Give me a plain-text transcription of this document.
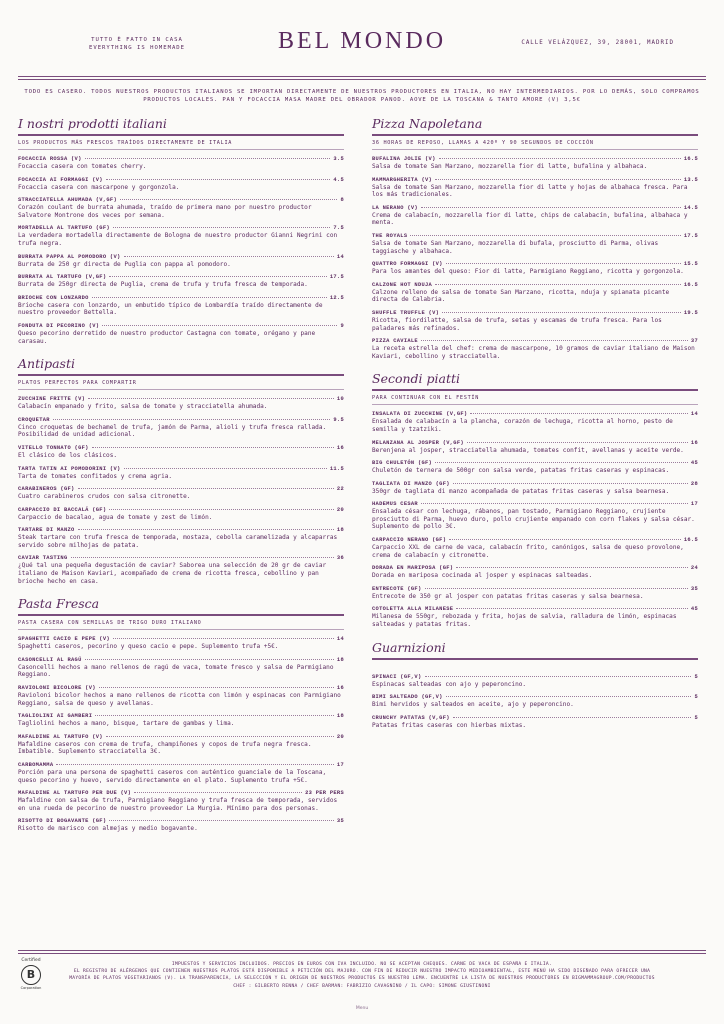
TUTTO È FATTO IN CASA
EVERYTHING IS HOMEMADE	BEL MONDO	CALLE VELÁZQUEZ, 39, 28001, MADRID
TODO ES CASERO. TODOS NUESTROS PRODUCTOS ITALIANOS SE IMPORTAN DIRECTAMENTE DE NUESTROS PRODUCTORES EN ITALIA, NO HAY INTERMEDIARIOS. POR LO DEMÁS, SOLO COMPRAMOS PRODUCTOS LOCALES. PAN Y FOCACCIA MASA MADRE DEL OBRADOR PANOD. AOVE DE LA TOSCANA & TANTO AMORE (V) 3,5€
I nostri prodotti italiani
LOS PRODUCTOS MÁS FRESCOS TRAÍDOS DIRECTAMENTE DE ITALIA
FOCACCIA ROSSA (V)	3.5
Focaccia casera con tomates cherry.
FOCACCIA AI FORMAGGI (V)	4.5
Focaccia casera con mascarpone y gorgonzola.
STRACCIATELLA AHUMADA (V,GF)	8
Corazón coulant de burrata ahumada, traído de primera mano por nuestro productor Salvatore Montrone dos veces por semana.
MORTADELLA AL TARTUFO (GF)	7.5
La verdadera mortadella directamente de Bologna de nuestro productor Gianni Negrini con trufa negra.
BURRATA PAPPA AL POMODORO (V)	14
Burrata de 250 gr directa de Puglia con pappa al pomodoro.
BURRATA AL TARTUFO (V,GF)	17.5
Burrata de 250gr directa de Puglia, crema de trufa y trufa fresca de temporada.
BRIOCHE CON LONZARDO	12.5
Brioche casera con lonzardo, un embutido típico de Lombardía traído directamente de nuestro proveedor Bettella.
FONDUTA DI PECORINO (V)	9
Queso pecorino derretido de nuestro productor Castagna con tomate, orégano y pane carasau.
Antipasti
PLATOS PERFECTOS PARA COMPARTIR
ZUCCHINE FRITTE (V)	10
Calabacín empanado y frito, salsa de tomate y stracciatella ahumada.
CROQUETAR	9.5
Cinco croquetas de bechamel de trufa, jamón de Parma, alioli y trufa fresca rallada. Posibilidad de unidad adicional.
VITELLO TONNATO (GF)	16
El clásico de los clásicos.
TARTA TATIN AI POMODORINI (V)	11.5
Tarta de tomates confitados y crema agria.
CARABINEROS (GF)	22
Cuatro carabineros crudos con salsa citronette.
CARPACCIO DI BACCALÁ (GF)	20
Carpaccio de bacalao, agua de tomate y zest de limón.
TARTARE DI MANZO	18
Steak tartare con trufa fresca de temporada, mostaza, cebolla caramelizada y alcaparras servido sobre milhojas de patata.
CAVIAR TASTING	36
¿Qué tal una pequeña degustación de caviar? Saborea una selección de 20 gr de caviar italiano de Maison Kaviari, acompañado de crema de ricotta fresca, cebollino y pan brioche hecho en casa.
Pasta Fresca
PASTA CASERA CON SEMILLAS DE TRIGO DURO ITALIANO
SPAGHETTI CACIO E PEPE (V)	14
Spaghetti caseros, pecorino y queso cacio e pepe. Suplemento trufa +5€.
CASONCELLI AL RAGÚ	18
Casoncelli hechos a mano rellenos de ragú de vaca, tomate fresco y salsa de Parmigiano Reggiano.
RAVIOLONI BICOLORE (V)	16
Ravioloni bicolor hechos a mano rellenos de ricotta con limón y espinacas con Parmigiano Reggiano, salsa de queso y avellanas.
TAGLIOLINI AI GAMBERI	18
Tagliolini hechos a mano, bisque, tartare de gambas y lima.
MAFALDINE AL TARTUFO (V)	20
Mafaldine caseros con crema de trufa, champiñones y copos de trufa negra fresca. Imbatible. Suplemento stracciatella 3€.
CARBOMAMMA	17
Porción para una persona de spaghetti caseros con auténtico guanciale de la Toscana, queso pecorino y huevo, servido directamente en el plato. Suplemento trufa +5€.
MAFALDINE AL TARTUFO PER DUE (V)	23 PER PERS
Mafaldine con salsa de trufa, Parmigiano Reggiano y trufa fresca de temporada, servidos en una rueda de pecorino de nuestro proveedor La Murgia. Mínimo para dos personas.
RISOTTO DI BOGAVANTE (GF)	35
Risotto de marisco con almejas y medio bogavante.
Pizza Napoletana
36 HORAS DE REPOSO, LLAMAS A 420º Y 90 SEGUNDOS DE COCCIÓN
BUFALINA JOLIE (V)	16.5
Salsa de tomate San Marzano, mozzarella fior di latte, bufalina y albahaca.
MAMMARGHERITA (V)	13.5
Salsa de tomate San Marzano, mozzarella fior di latte y hojas de albahaca fresca. Para los más tradicionales.
LA NERANO (V)	14.5
Crema de calabacín, mozzarella fior di latte, chips de calabacín, bufalina, albahaca y menta.
THE ROYALS	17.5
Salsa de tomate San Marzano, mozzarella di bufala, prosciutto di Parma, olivas taggiasche y albahaca.
QUATTRO FORMAGGI (V)	15.5
Para los amantes del queso: Fior di latte, Parmigiano Reggiano, ricotta y gorgonzola.
CALZONE HOT NDUJA	16.5
Calzone relleno de salsa de tomate San Marzano, ricotta, nduja y spianata picante directa de Calabria.
SHUFFLE TRUFFLE (V)	19.5
Ricotta, fiordilatte, salsa de trufa, setas y escamas de trufa fresca. Para los paladares más refinados.
PIZZA CAVIALE	37
La receta estrella del chef: crema de mascarpone, 10 gramos de caviar italiano de Maison Kaviari, cebollino y stracciatella.
Secondi piatti
PARA CONTINUAR CON EL FESTÍN
INSALATA DI ZUCCHINE (V,GF)	14
Ensalada de calabacín a la plancha, corazón de lechuga, ricotta al horno, pesto de semilla y tzatziki.
MELANZANA AL JOSPER (V,GF)	16
Berenjena al josper, stracciatella ahumada, tomates confit, avellanas y aceite verde.
BIG CHULETÓN (GF)	45
Chuletón de ternera de 500gr con salsa verde, patatas fritas caseras y espinacas.
TAGLIATA DI MANZO (GF)	28
350gr de tagliata di manzo acompañada de patatas fritas caseras y salsa bearnesa.
HADEMUS CESAR	17
Ensalada césar con lechuga, rábanos, pan tostado, Parmigiano Reggiano, crujiente prosciutto di Parma, huevo duro, pollo crujiente empanado con corn flakes y salsa césar. Suplemento de pollo 3€.
CARPACCIO NERANO (GF)	16.5
Carpaccio XXL de carne de vaca, calabacín frito, canónigos, salsa de queso provolone, crema de calabacín y citronette.
DORADA EN MARIPOSA (GF)	24
Dorada en mariposa cocinada al josper y espinacas salteadas.
ENTRECOTE (GF)	35
Entrecote de 350 gr al josper con patatas fritas caseras y salsa bearnesa.
COTOLETTA ALLA MILANESE	45
Milanesa de 550gr, rebozada y frita, hojas de salvia, ralladura de limón, espinacas salteadas y patatas fritas.
Guarnizioni
SPINACI (GF,V)	5
Espinacas salteadas con ajo y peperoncino.
BIMI SALTEADO (GF,V)	5
Bimi hervidos y salteados en aceite, ajo y peperoncino.
CRUNCHY PATATAS (V,GF)	5
Patatas fritas caseras con hierbas mixtas.
Certified
B
Corporation
IMPUESTOS Y SERVICIOS INCLUIDOS. PRECIOS EN EUROS CON IVA INCLUIDO. NO SE ACEPTAN CHEQUES. CARNE DE VACA DE ESPAÑA E ITALIA.
EL REGISTRO DE ALÉRGENOS QUE CONTIENEN NUESTROS PLATOS ESTÁ DISPONIBLE A PETICIÓN DEL MAJURO. CON FIN DE REDUCIR NUESTRO IMPACTO MEDIOAMBIENTAL, ESTE MENÚ HA SIDO DISEÑADO PARA OFRECER UNA
MAYORÍA DE PLATOS VEGETARIANOS (V). LA TRANSPARENCIA, LA SELECCIÓN Y EL ORIGEN DE NUESTROS PRODUCTOS ES NUESTRO LEMA. ENCUENTRE LA LISTA DE NUESTROS PRODUCTORES EN BIGMAMMAGROUP.COM/PRODUCTOS
CHEF : GILBERTO RENNA / CHEF BARMAN: FABRIZIO CAVAGNINO / IL CAPO: SIMONE GIUSTINONI
Menu
